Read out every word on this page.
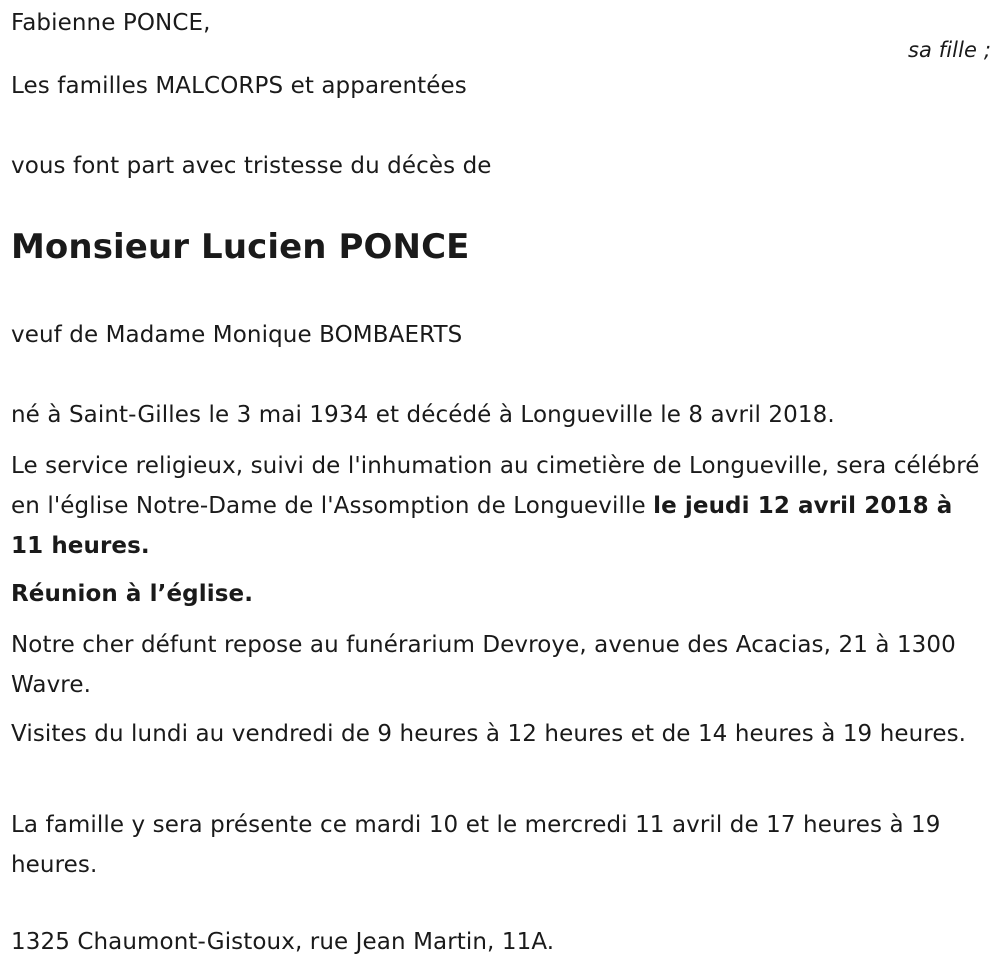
Fabienne PONCE,
sa fille ;
Les familles MALCORPS et apparentées
vous font part avec tristesse du décès de
Monsieur Lucien PONCE
veuf de Madame Monique BOMBAERTS
né à Saint-Gilles le 3 mai 1934 et décédé à Longueville le 8 avril 2018.
Le service religieux, suivi de l'inhumation au cimetière de Longueville, sera célébré en l'église Notre-Dame de l'Assomption de Longueville le jeudi 12 avril 2018 à 11 heures.
Réunion à l’église.
Notre cher défunt repose au funérarium Devroye, avenue des Acacias, 21 à 1300 Wavre.
Visites du lundi au vendredi de 9 heures à 12 heures et de 14 heures à 19 heures.
La famille y sera présente ce mardi 10 et le mercredi 11 avril de 17 heures à 19 heures.
1325 Chaumont-Gistoux, rue Jean Martin, 11A.
